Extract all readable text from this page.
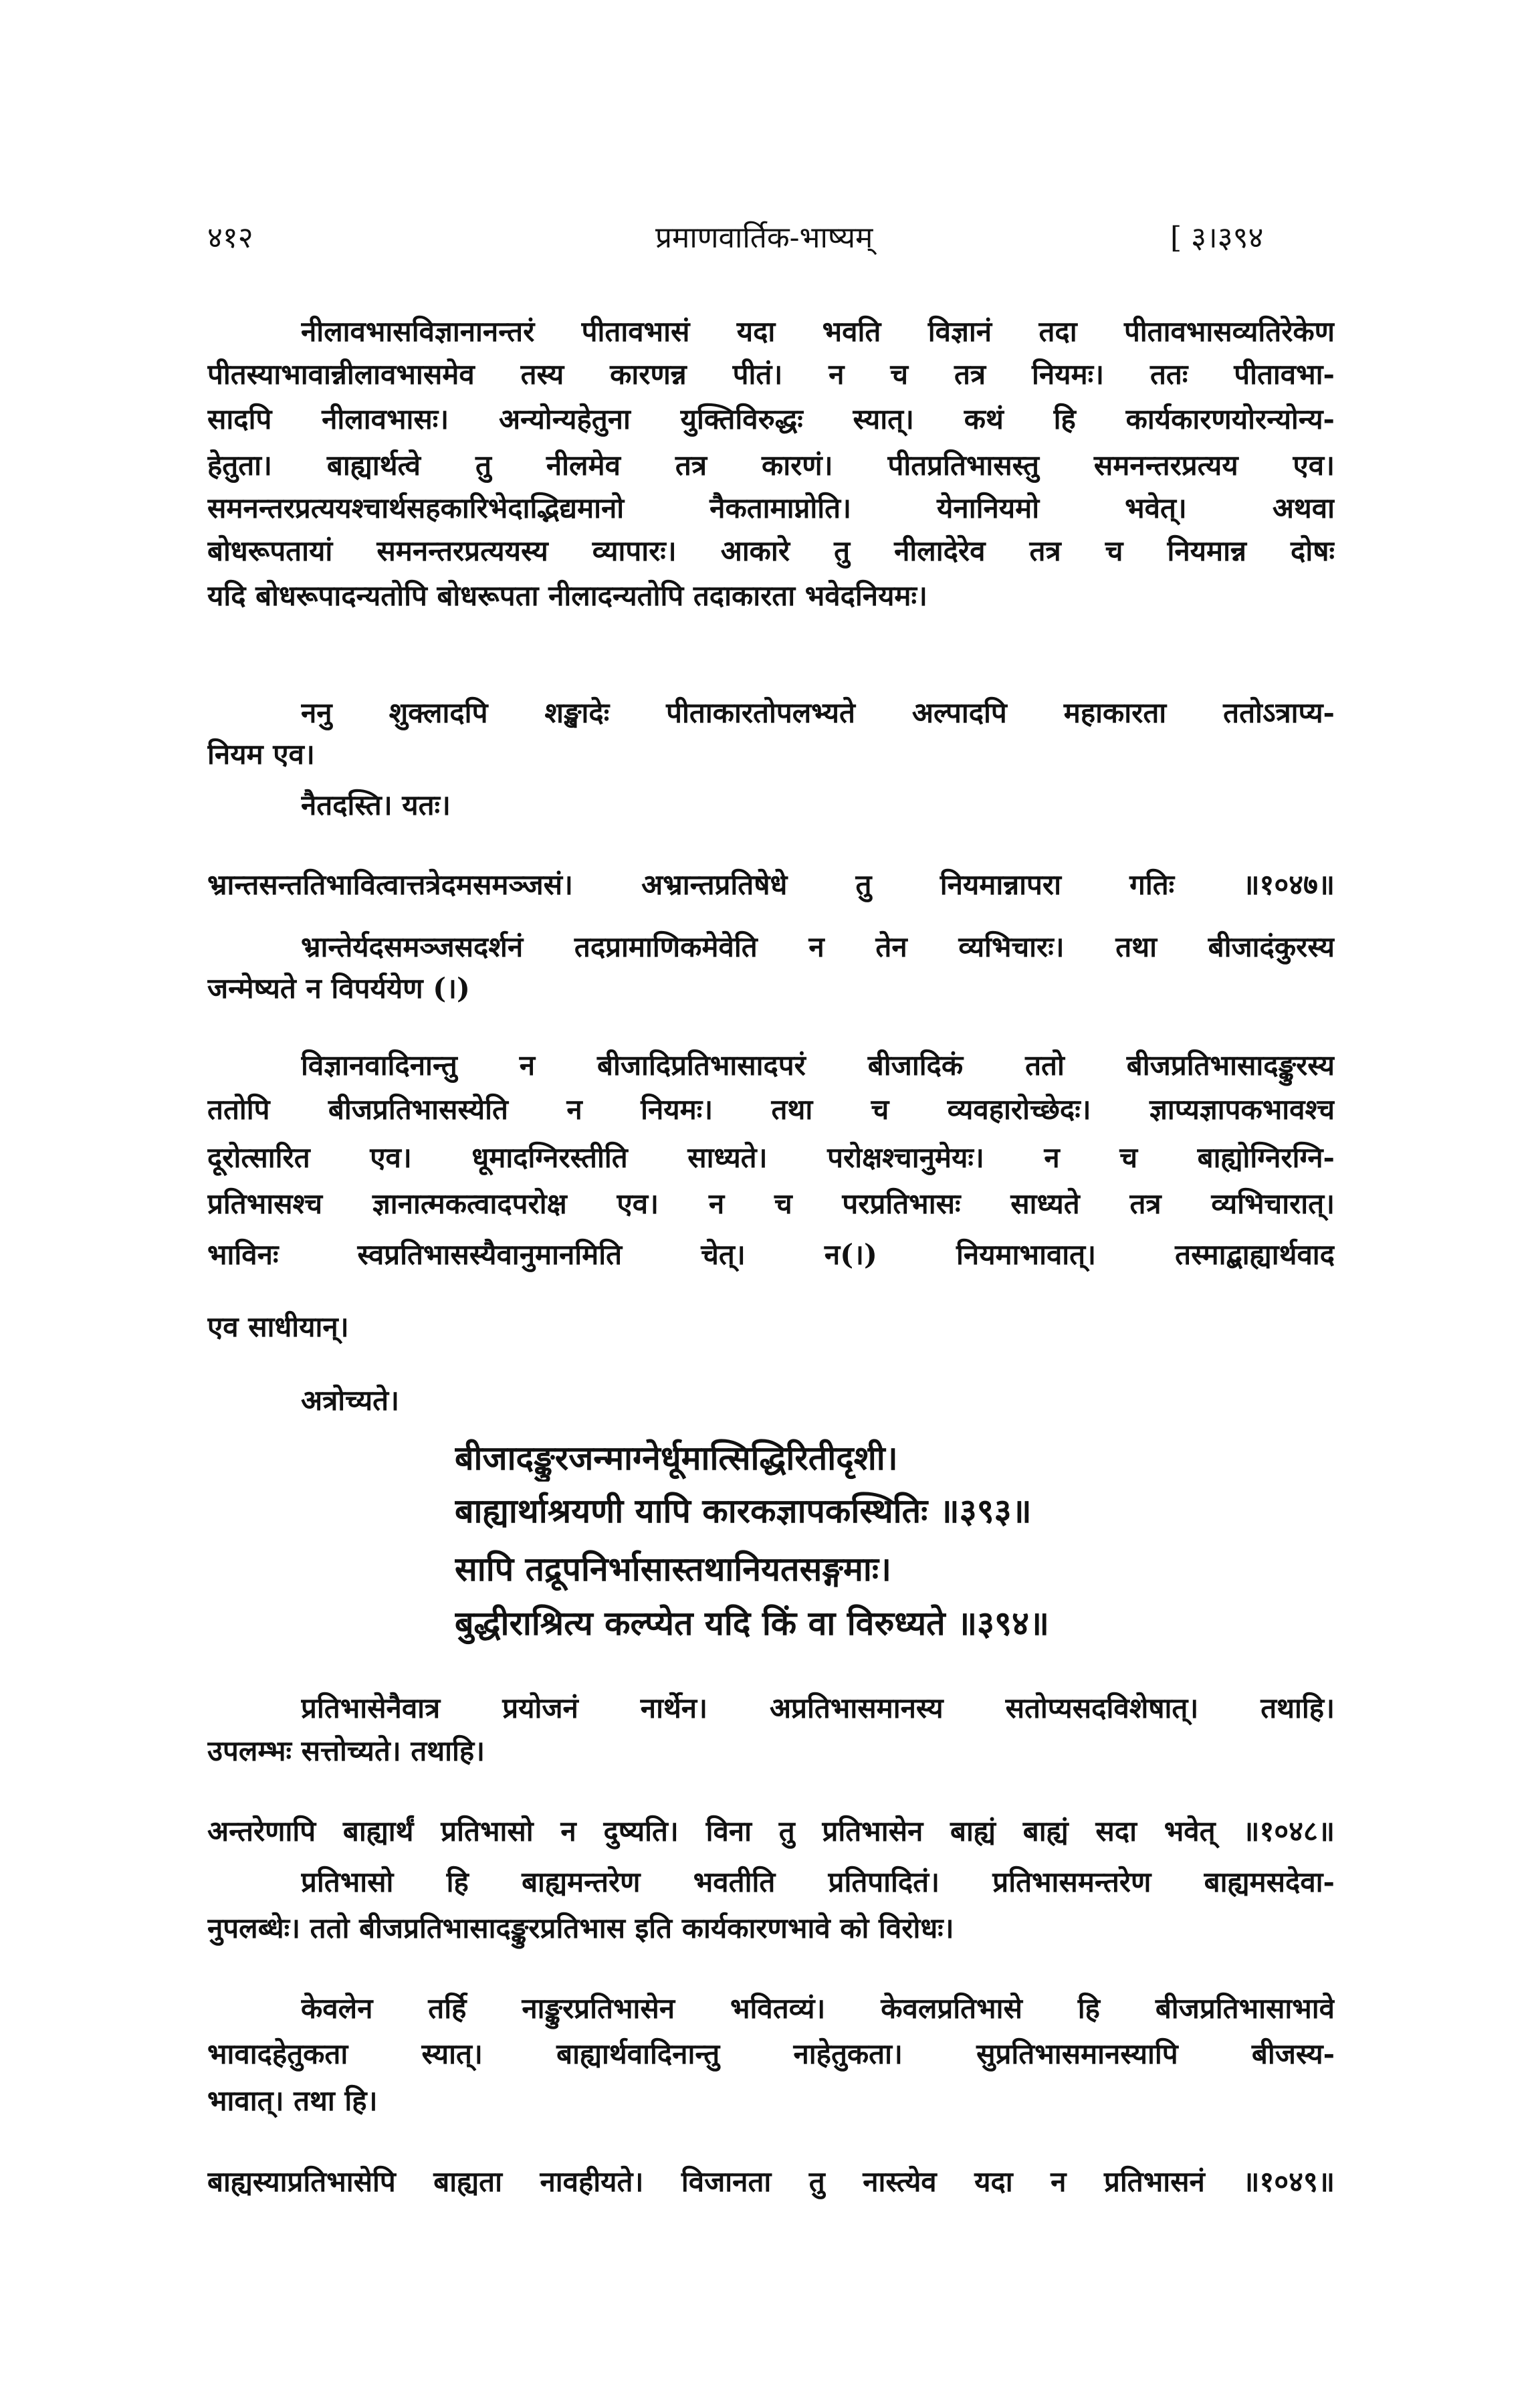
४१२	प्रमाणवार्तिक-भाष्यम्	[ ३।३९४
नीलावभासविज्ञानानन्तरं पीतावभासं यदा भवति विज्ञानं तदा पीतावभासव्यतिरेकेण
पीतस्याभावान्नीलावभासमेव तस्य कारणन्न पीतं। न च तत्र नियमः। ततः पीतावभा-
सादपि नीलावभासः। अन्योन्यहेतुना युक्तिविरुद्धः स्यात्। कथं हि कार्यकारणयोरन्योन्य-
हेतुता। बाह्यार्थत्वे तु नीलमेव तत्र कारणं। पीतप्रतिभासस्तु समनन्तरप्रत्यय एव।
समनन्तरप्रत्ययश्चार्थसहकारिभेदाद्भिद्यमानो नैकतामाप्नोति। येनानियमो भवेत्। अथवा
बोधरूपतायां समनन्तरप्रत्ययस्य व्यापारः। आकारे तु नीलादेरेव तत्र च नियमान्न दोषः
यदि बोधरूपादन्यतोपि बोधरूपता नीलादन्यतोपि तदाकारता भवेदनियमः।
ननु शुक्लादपि शङ्खादेः पीताकारतोपलभ्यते अल्पादपि महाकारता ततोऽत्राप्य-
नियम एव।
नैतदस्ति। यतः।
भ्रान्तसन्ततिभावित्वात्तत्रेदमसमञ्जसं। अभ्रान्तप्रतिषेधे तु नियमान्नापरा गतिः ॥१०४७॥
भ्रान्तेर्यदसमञ्जसदर्शनं तदप्रामाणिकमेवेति न तेन व्यभिचारः। तथा बीजादंकुरस्य
जन्मेष्यते न विपर्ययेण (।)
विज्ञानवादिनान्तु न बीजादिप्रतिभासादपरं बीजादिकं ततो बीजप्रतिभासादङ्कुरस्य
ततोपि बीजप्रतिभासस्येति न नियमः। तथा च व्यवहारोच्छेदः। ज्ञाप्यज्ञापकभावश्च
दूरोत्सारित एव। धूमादग्निरस्तीति साध्यते। परोक्षश्चानुमेयः। न च बाह्योग्निरग्नि-
प्रतिभासश्च ज्ञानात्मकत्वादपरोक्ष एव। न च परप्रतिभासः साध्यते तत्र व्यभिचारात्।
भाविनः स्वप्रतिभासस्यैवानुमानमिति चेत्। न(।) नियमाभावात्। तस्माद्बाह्यार्थवाद
एव साधीयान्।
अत्रोच्यते।
बीजादङ्कुरजन्माग्नेर्धूमात्सिद्धिरितीदृशी।
बाह्यार्थाश्रयणी यापि कारकज्ञापकस्थितिः ॥३९३॥
सापि तद्रूपनिर्भासास्तथानियतसङ्गमाः।
बुद्धीराश्रित्य कल्प्येत यदि किं वा विरुध्यते ॥३९४॥
प्रतिभासेनैवात्र प्रयोजनं नार्थेन। अप्रतिभासमानस्य सतोप्यसदविशेषात्। तथाहि।
उपलम्भः सत्तोच्यते। तथाहि।
अन्तरेणापि बाह्यार्थं प्रतिभासो न दुष्यति। विना तु प्रतिभासेन बाह्यं बाह्यं सदा भवेत् ॥१०४८॥
प्रतिभासो हि बाह्यमन्तरेण भवतीति प्रतिपादितं। प्रतिभासमन्तरेण बाह्यमसदेवा-
नुपलब्धेः। ततो बीजप्रतिभासादङ्कुरप्रतिभास इति कार्यकारणभावे को विरोधः।
केवलेन तर्हि नाङ्कुरप्रतिभासेन भवितव्यं। केवलप्रतिभासे हि बीजप्रतिभासाभावे
भावादहेतुकता स्यात्। बाह्यार्थवादिनान्तु नाहेतुकता। सुप्रतिभासमानस्यापि बीजस्य-
भावात्। तथा हि।
बाह्यस्याप्रतिभासेपि बाह्यता नावहीयते। विजानता तु नास्त्येव यदा न प्रतिभासनं ॥१०४९॥
